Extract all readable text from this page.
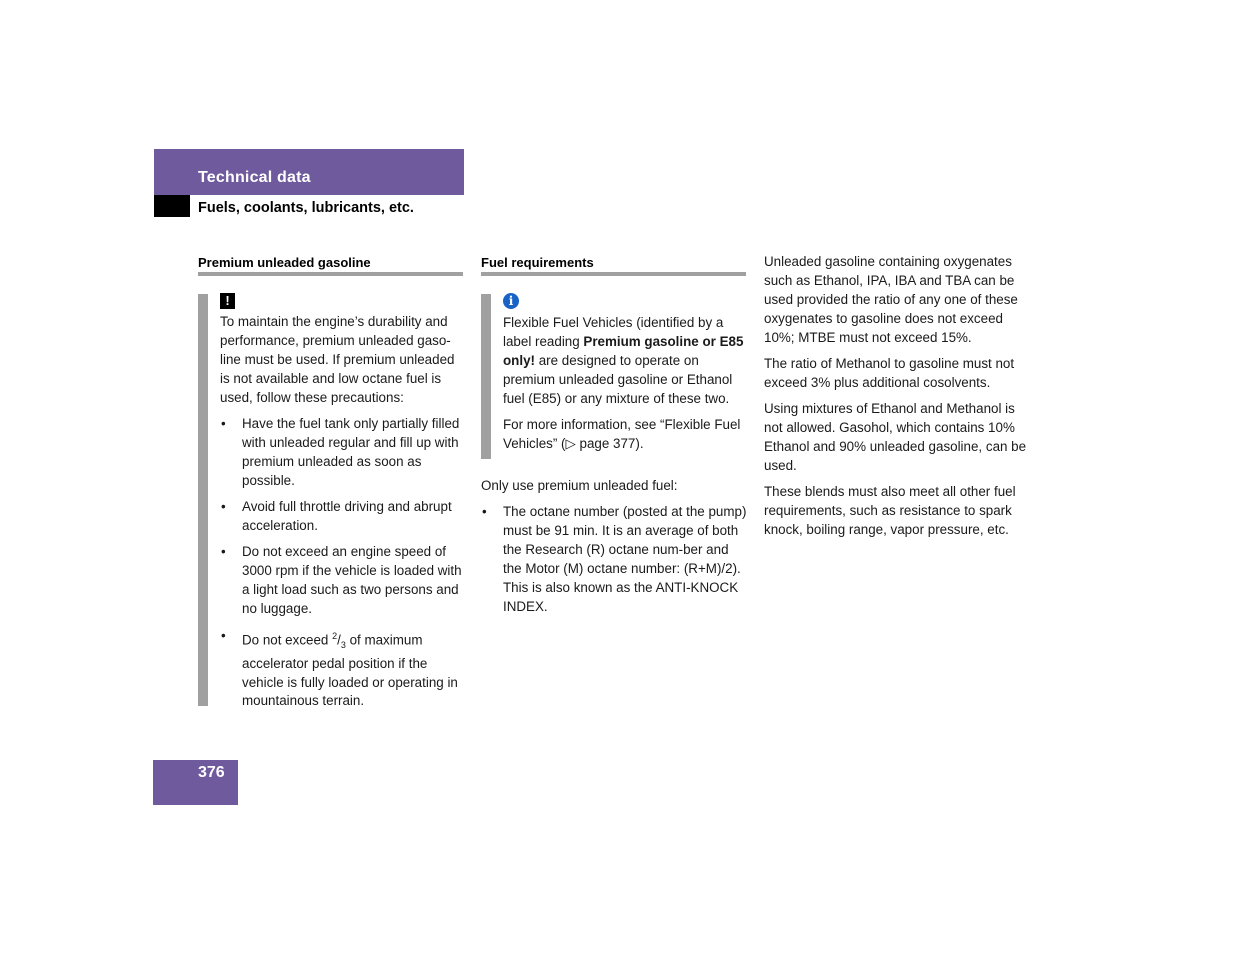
Technical data
Fuels, coolants, lubricants, etc.
Premium unleaded gasoline
!

To maintain the engine’s durability and performance, premium unleaded gaso-line must be used. If premium unleaded is not available and low octane fuel is used, follow these precautions:

• Have the fuel tank only partially filled with unleaded regular and fill up with premium unleaded as soon as possible.
• Avoid full throttle driving and abrupt acceleration.
• Do not exceed an engine speed of 3000 rpm if the vehicle is loaded with a light load such as two persons and no luggage.
• Do not exceed $^2/_3$ of maximum accelerator pedal position if the vehicle is fully loaded or operating in mountainous terrain.
Fuel requirements
i

Flexible Fuel Vehicles (identified by a label reading Premium gasoline or E85 only! are designed to operate on premium unleaded gasoline or Ethanol fuel (E85) or any mixture of these two.

For more information, see “Flexible Fuel Vehicles” (▷ page 377).

Only use premium unleaded fuel:

• The octane number (posted at the pump) must be 91 min. It is an average of both the Research (R) octane num-ber and the Motor (M) octane number: (R+M)/2). This is also known as the ANTI-KNOCK INDEX.

Unleaded gasoline containing oxygenates such as Ethanol, IPA, IBA and TBA can be used provided the ratio of any one of these oxygenates to gasoline does not exceed 10%; MTBE must not exceed 15%.

The ratio of Methanol to gasoline must not exceed 3% plus additional cosolvents.

Using mixtures of Ethanol and Methanol is not allowed. Gasohol, which contains 10% Ethanol and 90% unleaded gasoline, can be used.

These blends must also meet all other fuel requirements, such as resistance to spark knock, boiling range, vapor pressure, etc.

376
